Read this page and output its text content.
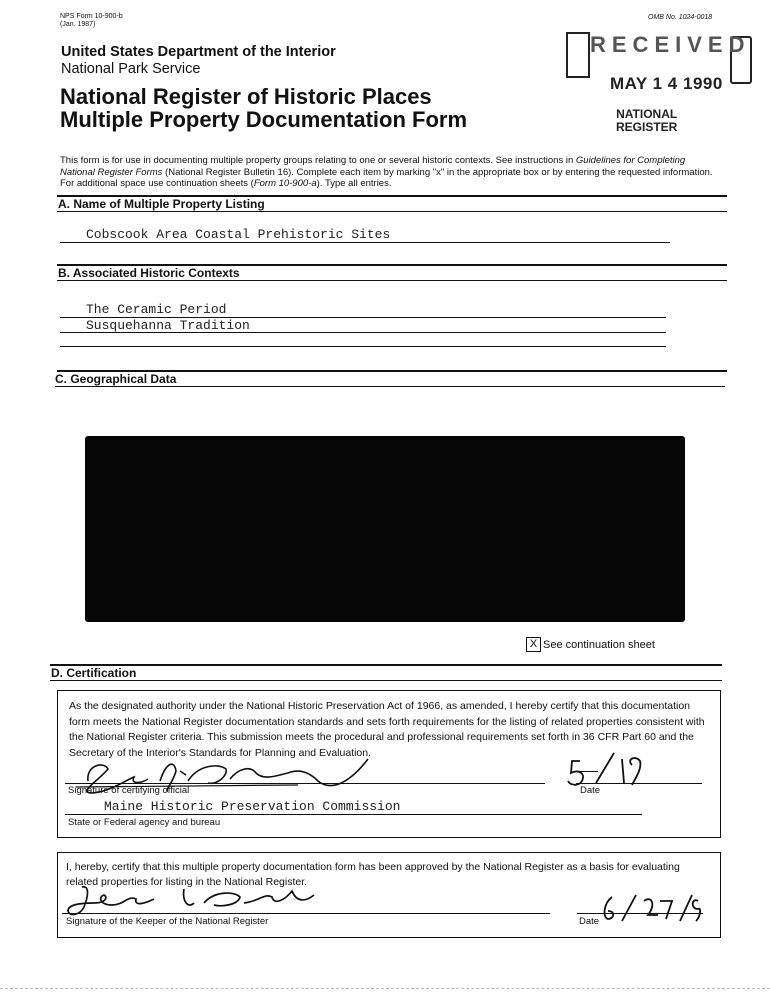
NPS Form 10-900-b
(Jan. 1987)
OMB No. 1024-0018
United States Department of the Interior
National Park Service
National Register of Historic Places
Multiple Property Documentation Form
RECEIVED
MAY 1 4 1990
NATIONAL
REGISTER
This form is for use in documenting multiple property groups relating to one or several historic contexts. See instructions in Guidelines for Completing National Register Forms (National Register Bulletin 16). Complete each item by marking "x" in the appropriate box or by entering the requested information. For additional space use continuation sheets (Form 10-900-a). Type all entries.
A. Name of Multiple Property Listing
Cobscook Area Coastal Prehistoric Sites
B. Associated Historic Contexts
The Ceramic Period
Susquehanna Tradition
C. Geographical Data
X See continuation sheet
D. Certification
As the designated authority under the National Historic Preservation Act of 1966, as amended, I hereby certify that this documentation form meets the National Register documentation standards and sets forth requirements for the listing of related properties consistent with the National Register criteria. This submission meets the procedural and professional requirements set forth in 36 CFR Part 60 and the Secretary of the Interior's Standards for Planning and Evaluation.
Signature of certifying official	Date
Maine Historic Preservation Commission
State or Federal agency and bureau
I, hereby, certify that this multiple property documentation form has been approved by the National Register as a basis for evaluating related properties for listing in the National Register.
Signature of the Keeper of the National Register	Date
